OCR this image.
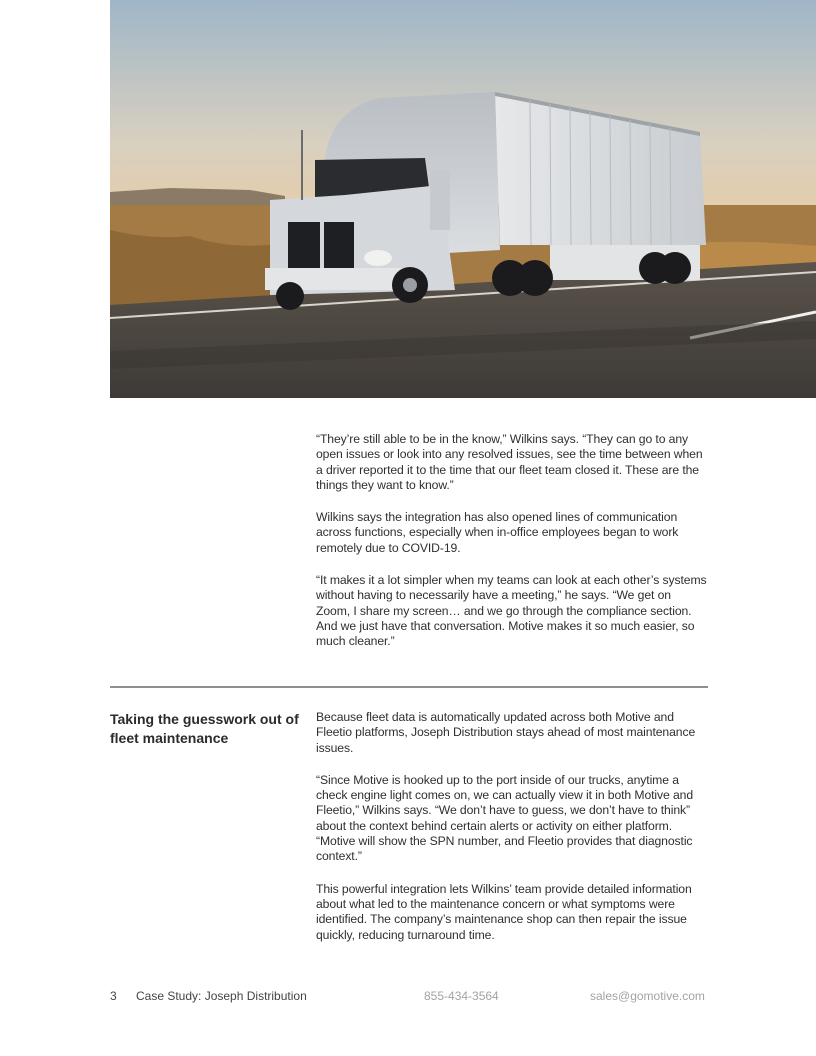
“They’re still able to be in the know,” Wilkins says. “They can go to any open issues or look into any resolved issues, see the time between when a driver reported it to the time that our fleet team closed it. These are the things they want to know.”

Wilkins says the integration has also opened lines of communication across functions, especially when in-office employees began to work remotely due to COVID-19.

“It makes it a lot simpler when my teams can look at each other’s systems without having to necessarily have a meeting,” he says. “We get on Zoom, I share my screen… and we go through the compliance section. And we just have that conversation. Motive makes it so much easier, so much cleaner.”

Taking the guesswork out of fleet maintenance

Because fleet data is automatically updated across both Motive and Fleetio platforms, Joseph Distribution stays ahead of most maintenance issues.

“Since Motive is hooked up to the port inside of our trucks, anytime a check engine light comes on, we can actually view it in both Motive and Fleetio,” Wilkins says. “We don’t have to guess, we don’t have to think” about the context behind certain alerts or activity on either platform. “Motive will show the SPN number, and Fleetio provides that diagnostic context.”

This powerful integration lets Wilkins’ team provide detailed information about what led to the maintenance concern or what symptoms were identified. The company’s maintenance shop can then repair the issue quickly, reducing turnaround time.

3 Case Study: Joseph Distribution	855-434-3564	sales@gomotive.com
